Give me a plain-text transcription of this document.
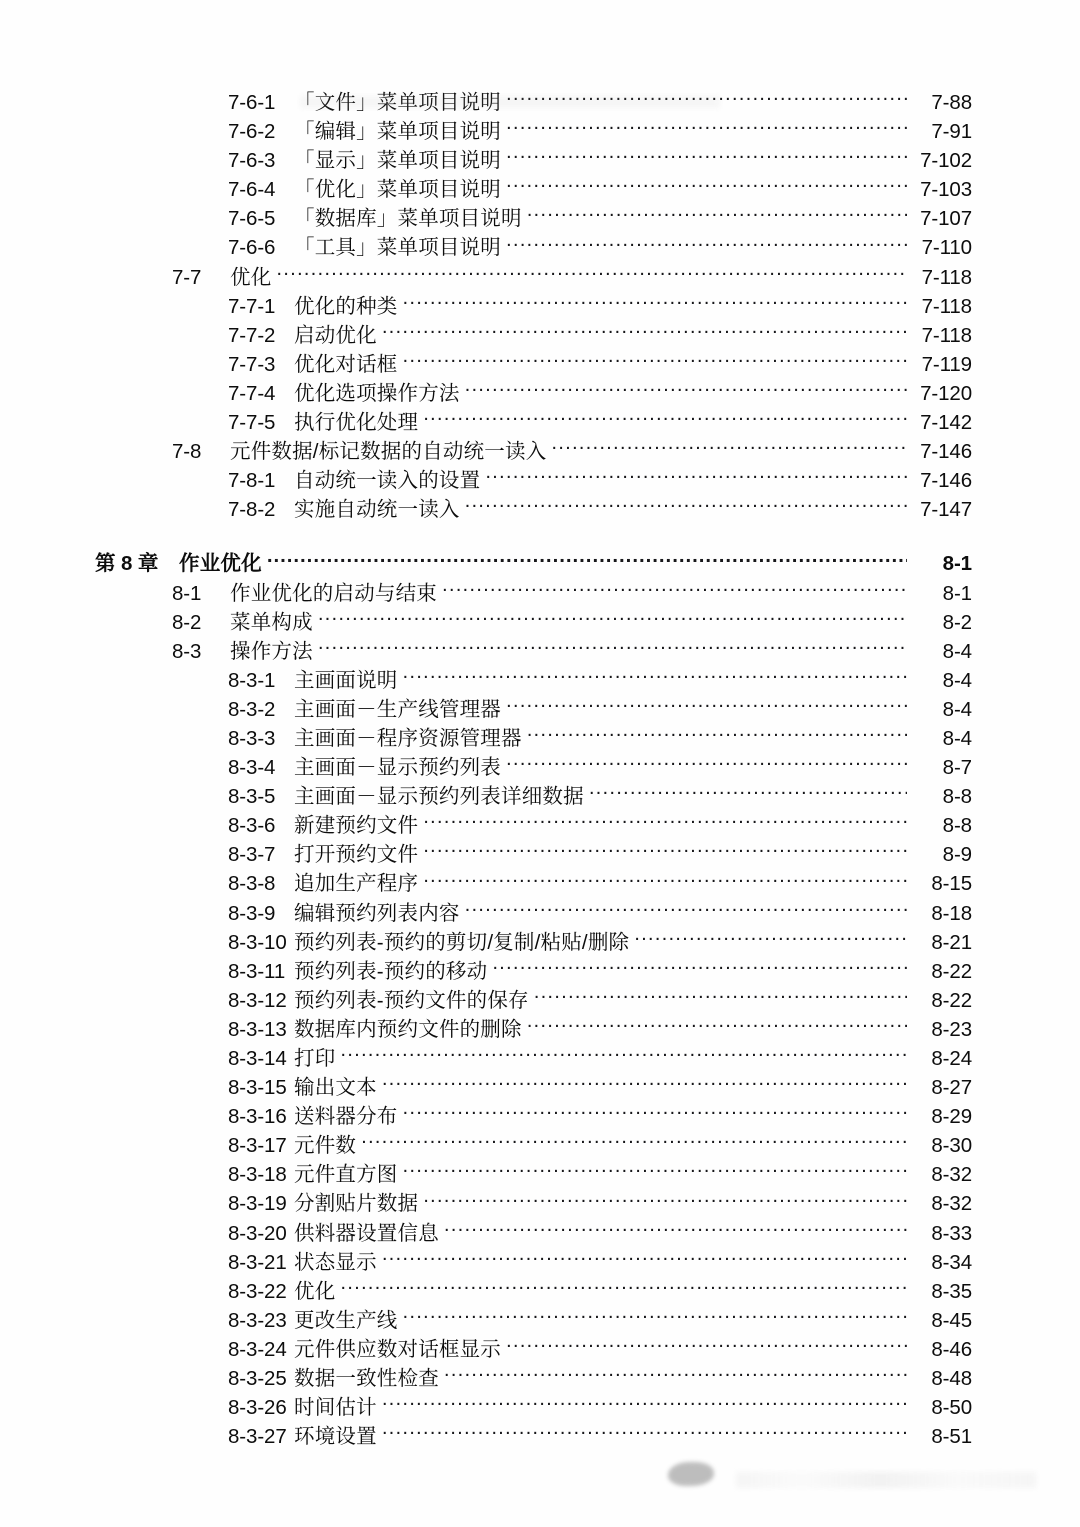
7-6-1 「文件」菜单项目说明 .....	7-88
7-6-2 「编辑」菜单项目说明 .....	7-91
7-6-3 「显示」菜单项目说明 .....	7-102
7-6-4 「优化」菜单项目说明 .....	7-103
7-6-5 「数据库」菜单项目说明 .....	7-107
7-6-6 「工具」菜单项目说明 .....	7-110
7-7	优化 .....	7-118
7-7-1 优化的种类 .....	7-118
7-7-2 启动优化 .....	7-118
7-7-3 优化对话框 .....	7-119
7-7-4 优化选项操作方法 .....	7-120
7-7-5 执行优化处理 .....	7-142
7-8	元件数据/标记数据的自动统一读入 .....	7-146
7-8-1 自动统一读入的设置 .....	7-146
7-8-2 实施自动统一读入 .....	7-147
第 8 章	作业优化 .....	8-1
8-1	作业优化的启动与结束 .....	8-1
8-2	菜单构成 .....	8-2
8-3	操作方法 .....	8-4
8-3-1 主画面说明 .....	8-4
8-3-2 主画面－生产线管理器 .....	8-4
8-3-3 主画面－程序资源管理器 .....	8-4
8-3-4 主画面－显示预约列表 .....	8-7
8-3-5 主画面－显示预约列表详细数据 .....	8-8
8-3-6 新建预约文件 .....	8-8
8-3-7 打开预约文件 .....	8-9
8-3-8 追加生产程序 .....	8-15
8-3-9 编辑预约列表内容 .....	8-18
8-3-10 预约列表-预约的剪切/复制/粘贴/删除 .....	8-21
8-3-11 预约列表-预约的移动 .....	8-22
8-3-12 预约列表-预约文件的保存 .....	8-22
8-3-13 数据库内预约文件的删除 .....	8-23
8-3-14 打印 .....	8-24
8-3-15 输出文本 .....	8-27
8-3-16 送料器分布 .....	8-29
8-3-17 元件数 .....	8-30
8-3-18 元件直方图 .....	8-32
8-3-19 分割贴片数据 .....	8-32
8-3-20 供料器设置信息 .....	8-33
8-3-21 状态显示 .....	8-34
8-3-22 优化 .....	8-35
8-3-23 更改生产线 .....	8-45
8-3-24 元件供应数对话框显示 .....	8-46
8-3-25 数据一致性检查 .....	8-48
8-3-26 时间估计 .....	8-50
8-3-27 环境设置 .....	8-51
